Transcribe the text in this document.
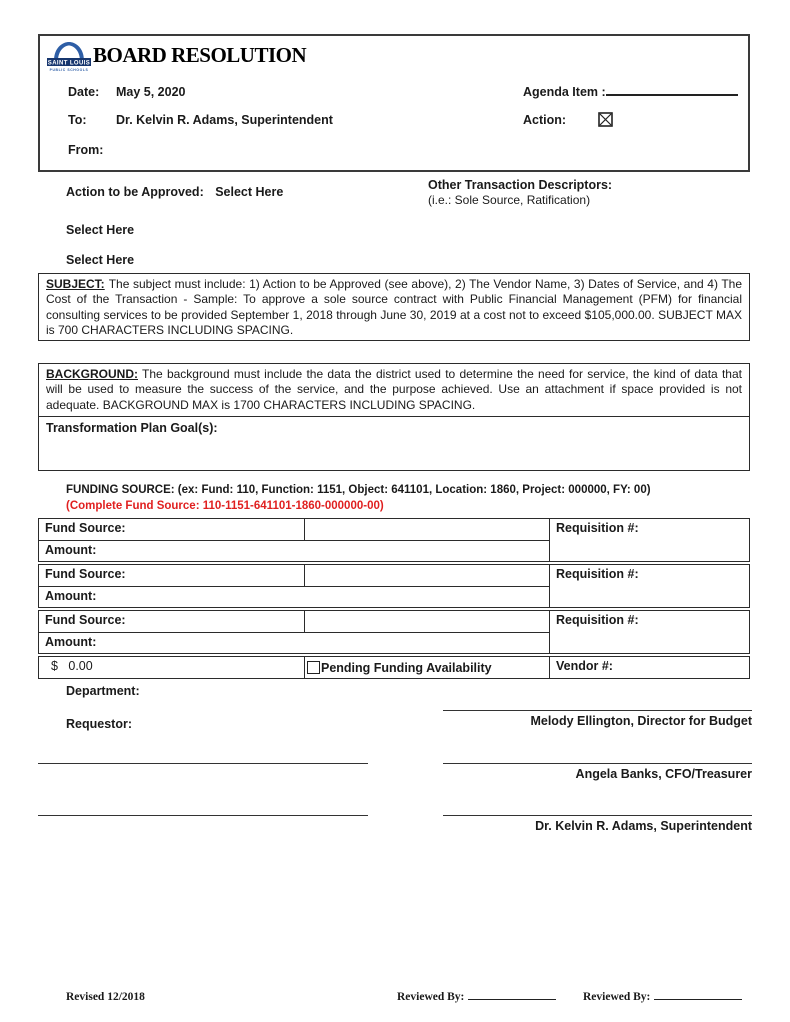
SAINT LOUIS
PUBLIC SCHOOLS
BOARD RESOLUTION
Date: May 5, 2020
To: Dr. Kelvin R. Adams, Superintendent
From:
Agenda Item :
Action:
Action to be Approved: Select Here	Other Transaction Descriptors:
(i.e.: Sole Source, Ratification)
Select Here
Select Here

SUBJECT: The subject must include: 1) Action to be Approved (see above), 2) The Vendor Name, 3) Dates of Service, and 4) The Cost of the Transaction - Sample: To approve a sole source contract with Public Financial Management (PFM) for financial consulting services to be provided September 1, 2018 through June 30, 2019 at a cost not to exceed $105,000.00. SUBJECT MAX is 700 CHARACTERS INCLUDING SPACING.

BACKGROUND: The background must include the data the district used to determine the need for service, the kind of data that will be used to measure the success of the service, and the purpose achieved. Use an attachment if space provided is not adequate. BACKGROUND MAX is 1700 CHARACTERS INCLUDING SPACING.

Transformation Plan Goal(s):
FUNDING SOURCE: (ex: Fund: 110, Function: 1151, Object: 641101, Location: 1860, Project: 000000, FY: 00)
(Complete Fund Source: 110-1151-641101-1860-000000-00)
Fund Source:	Requisition #:
Amount:
Fund Source:	Requisition #:
Amount:
Fund Source:	Requisition #:
Amount:
$   0.00	Pending Funding Availability	Vendor #:
Department:
Requestor:	Melody Ellington, Director for Budget
Angela Banks, CFO/Treasurer
Dr. Kelvin R. Adams, Superintendent
Revised 12/2018	Reviewed By:	Reviewed By:
